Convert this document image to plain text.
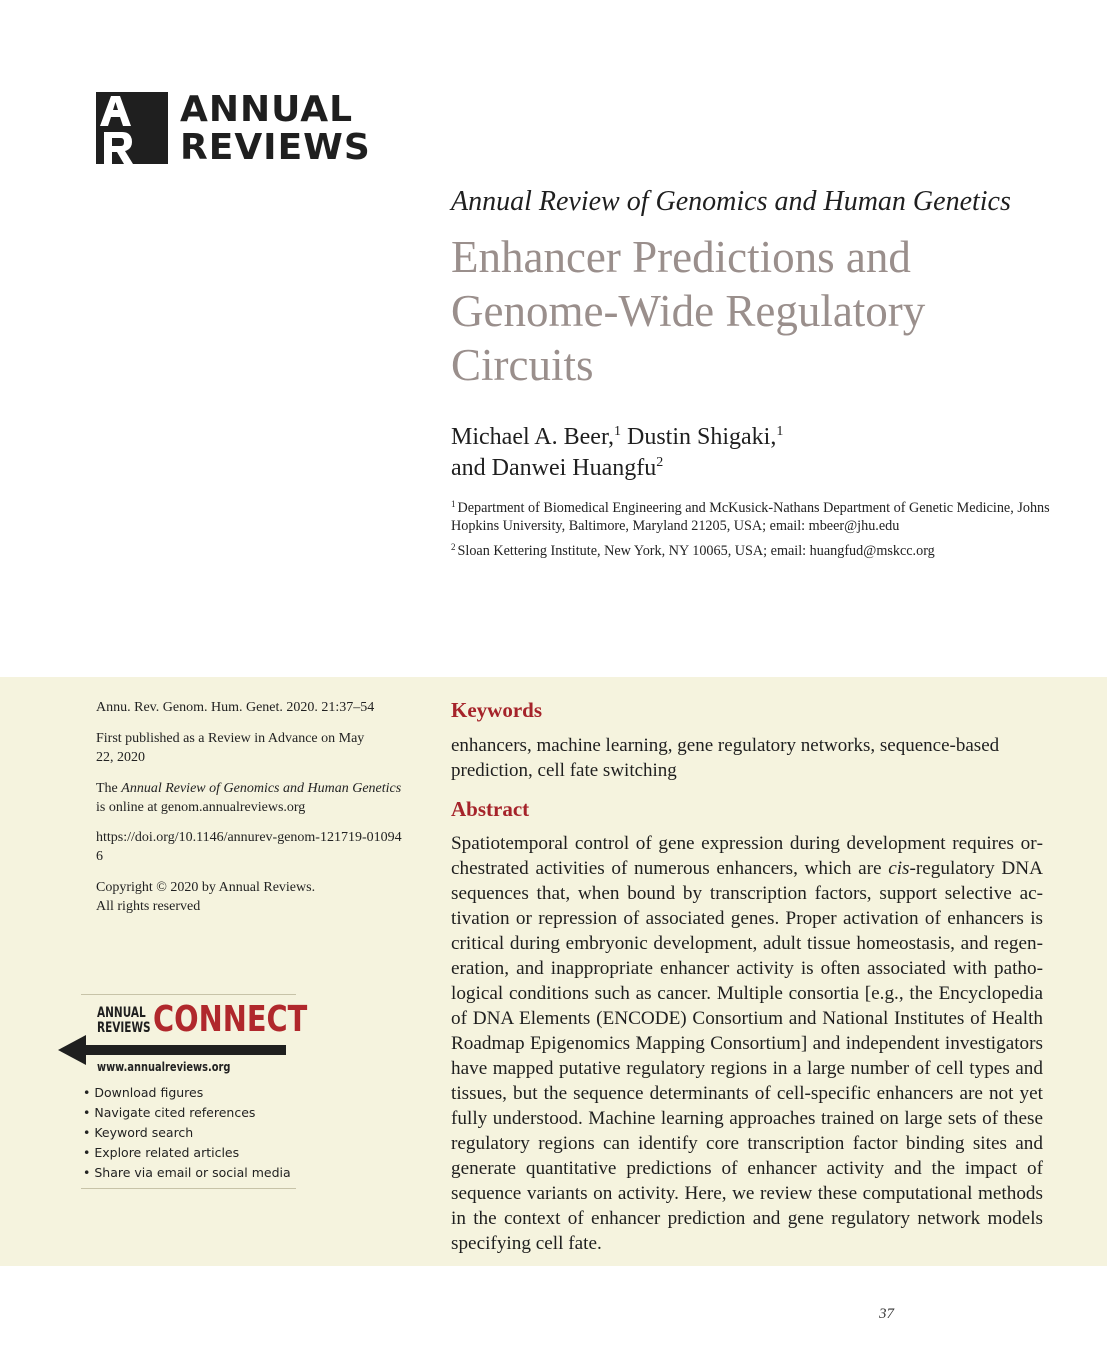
ANNUAL
REVIEWS
Annual Review of Genomics and Human Genetics
Enhancer Predictions and Genome-Wide Regulatory Circuits
Michael A. Beer,$^1$ Dustin Shigaki,$^1$
and Danwei Huangfu$^2$
$^1$ Department of Biomedical Engineering and McKusick-Nathans Department of Genetic Medicine, Johns Hopkins University, Baltimore, Maryland 21205, USA; email: mbeer@jhu.edu
$^2$ Sloan Kettering Institute, New York, NY 10065, USA; email: huangfud@mskcc.org
Annu. Rev. Genom. Hum. Genet. 2020. 21:37–54
First published as a Review in Advance on May 22, 2020
The Annual Review of Genomics and Human Genetics
is online at genom.annualreviews.org
https://doi.org/10.1146/annurev-genom-121719-010946
Copyright © 2020 by Annual Reviews.
All rights reserved
ANNUAL
REVIEWS CONNECT
www.annualreviews.org
• Download figures
• Navigate cited references
• Keyword search
• Explore related articles
• Share via email or social media
Keywords
enhancers, machine learning, gene regulatory networks, sequence-based prediction, cell fate switching
Abstract
Spatiotemporal control of gene expression during development requires orchestrated activities of numerous enhancers, which are cis-regulatory DNA sequences that, when bound by transcription factors, support selective activation or repression of associated genes. Proper activation of enhancers is critical during embryonic development, adult tissue homeostasis, and regeneration, and inappropriate enhancer activity is often associated with pathological conditions such as cancer. Multiple consortia [e.g., the Encyclopedia of DNA Elements (ENCODE) Consortium and National Institutes of Health Roadmap Epigenomics Mapping Consortium] and independent investigators have mapped putative regulatory regions in a large number of cell types and tissues, but the sequence determinants of cell-specific enhancers are not yet fully understood. Machine learning approaches trained on large sets of these regulatory regions can identify core transcription factor binding sites and generate quantitative predictions of enhancer activity and the impact of sequence variants on activity. Here, we review these computational methods in the context of enhancer prediction and gene regulatory network models specifying cell fate.
37
